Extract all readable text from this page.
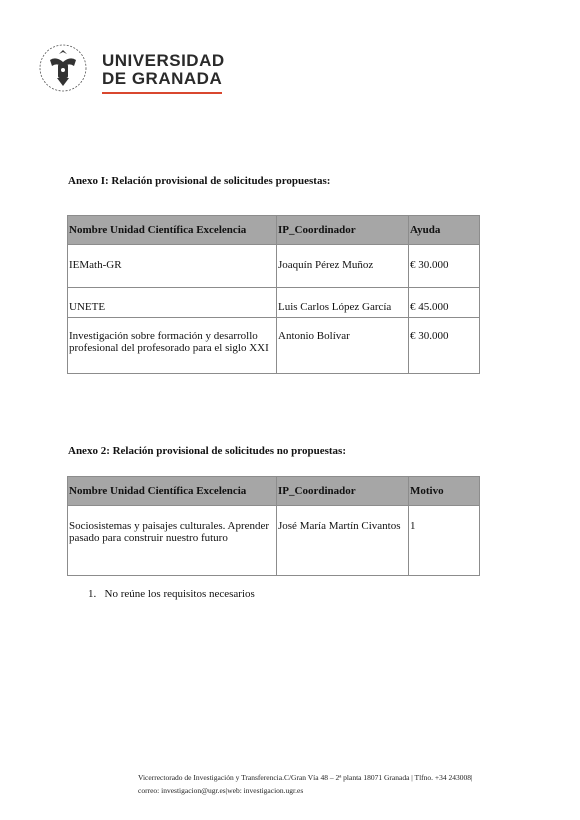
UNIVERSIDAD
DE GRANADA
Anexo I: Relación provisional de solicitudes propuestas:
Nombre Unidad Científica Excelencia	IP_Coordinador	Ayuda
IEMath-GR	Joaquín Pérez Muñoz	€ 30.000
UNETE	Luis Carlos López García	€ 45.000
Investigación sobre formación y desarrollo profesional del profesorado para el siglo XXI	Antonio Bolívar	€ 30.000
Anexo 2: Relación provisional de solicitudes no propuestas:
Nombre Unidad Científica Excelencia	IP_Coordinador	Motivo
Sociosistemas y paisajes culturales. Aprender pasado para construir nuestro futuro	José María Martín Civantos	1
1. No reúne los requisitos necesarios
Vicerrectorado de Investigación y Transferencia.C/Gran Vía 48 – 2ª planta 18071 Granada | Tlfno. +34 243008|
correo: investigacion@ugr.es|web: investigacion.ugr.es
